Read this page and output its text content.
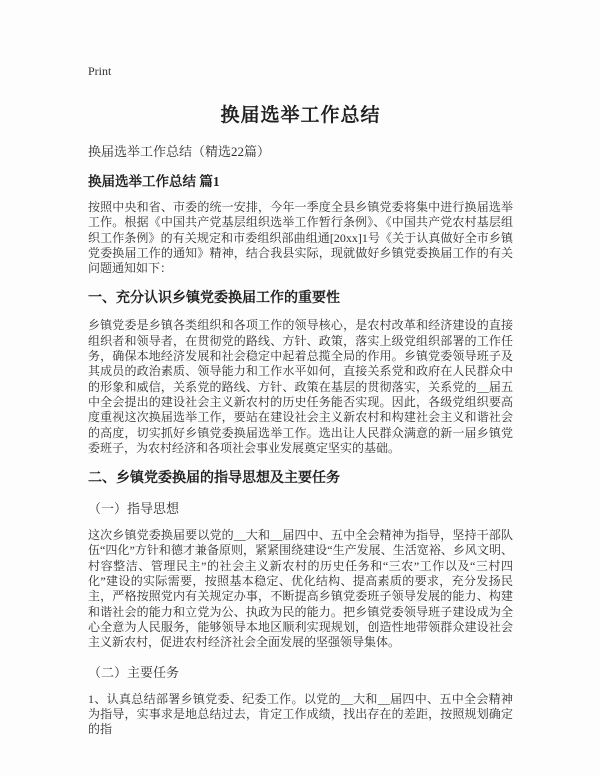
Print
换届选举工作总结

换届选举工作总结（精选22篇）

换届选举工作总结 篇1

按照中央和省、市委的统一安排，今年一季度全县乡镇党委将集中进行换届选举工作。根据《中国共产党基层组织选举工作暂行条例》、《中国共产党农村基层组织工作条例》的有关规定和市委组织部曲组通[20xx]1号《关于认真做好全市乡镇党委换届工作的通知》精神，结合我县实际，现就做好乡镇党委换届工作的有关问题通知如下：

一、充分认识乡镇党委换届工作的重要性

乡镇党委是乡镇各类组织和各项工作的领导核心，是农村改革和经济建设的直接组织者和领导者，在贯彻党的路线、方针、政策，落实上级党组织部署的工作任务，确保本地经济发展和社会稳定中起着总揽全局的作用。乡镇党委领导班子及其成员的政治素质、领导能力和工作水平如何，直接关系党和政府在人民群众中的形象和威信，关系党的路线、方针、政策在基层的贯彻落实，关系党的__届五中全会提出的建设社会主义新农村的历史任务能否实现。因此，各级党组织要高度重视这次换届选举工作，要站在建设社会主义新农村和构建社会主义和谐社会的高度，切实抓好乡镇党委换届选举工作。选出让人民群众满意的新一届乡镇党委班子，为农村经济和各项社会事业发展奠定坚实的基础。

二、乡镇党委换届的指导思想及主要任务

（一）指导思想

这次乡镇党委换届要以党的__大和__届四中、五中全会精神为指导，坚持干部队伍“四化”方针和德才兼备原则，紧紧围绕建设“生产发展、生活宽裕、乡风文明、村容整洁、管理民主”的社会主义新农村的历史任务和“三农”工作以及“三村四化”建设的实际需要，按照基本稳定、优化结构、提高素质的要求，充分发扬民主，严格按照党内有关规定办事，不断提高乡镇党委班子领导发展的能力、构建和谐社会的能力和立党为公、执政为民的能力。把乡镇党委领导班子建设成为全心全意为人民服务，能够领导本地区顺利实现规划，创造性地带领群众建设社会主义新农村，促进农村经济社会全面发展的坚强领导集体。

（二）主要任务

1、认真总结部署乡镇党委、纪委工作。以党的__大和__届四中、五中全会精神为指导，实事求是地总结过去，肯定工作成绩，找出存在的差距，按照规划确定的指
